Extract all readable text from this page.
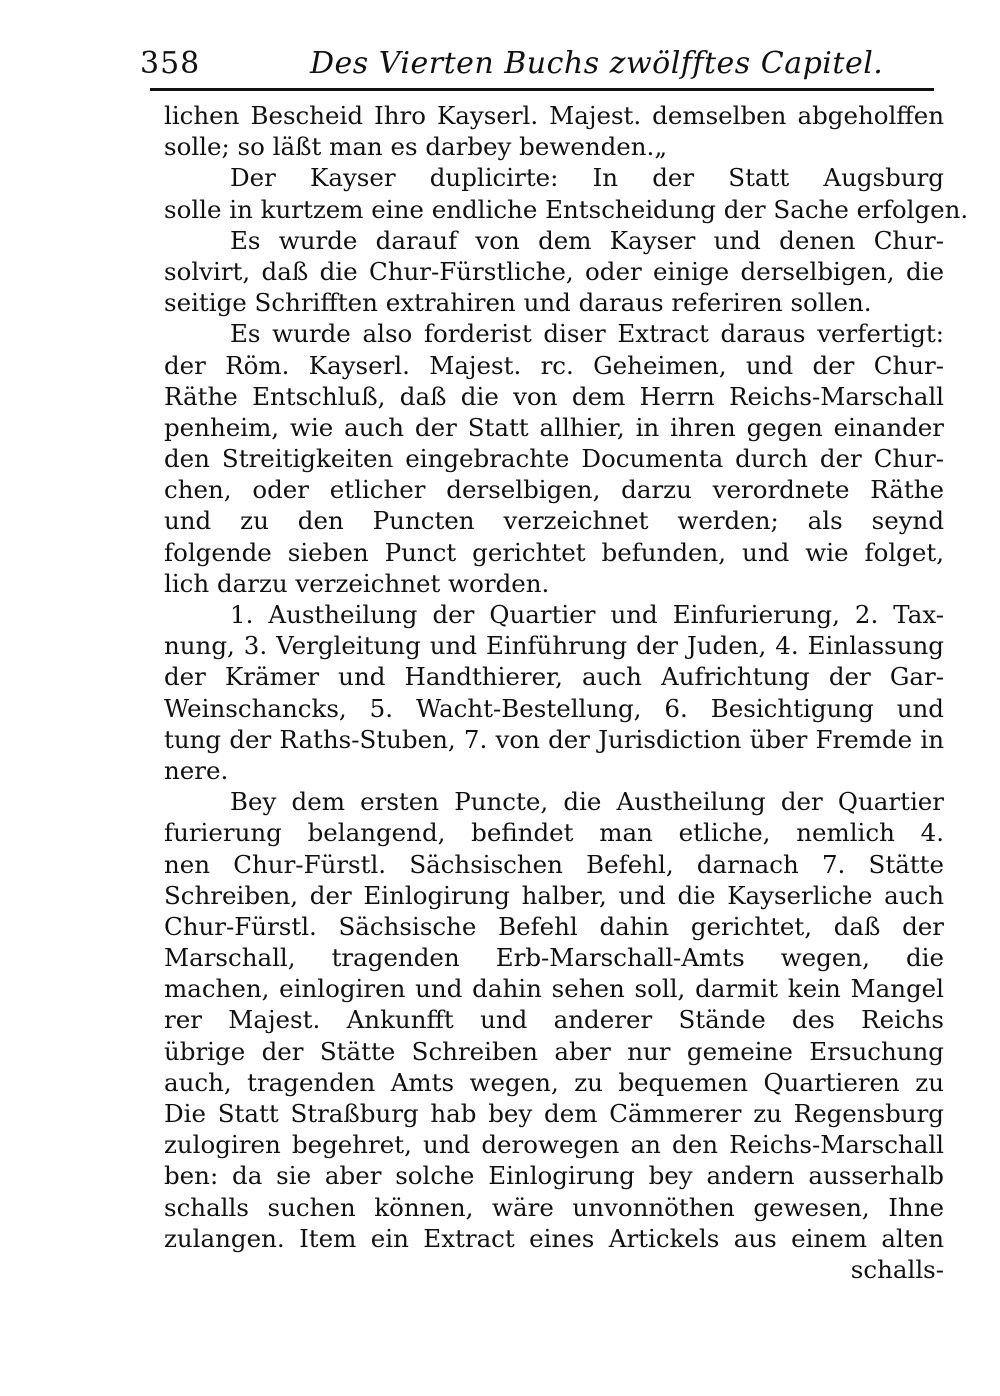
358	Des Vierten Buchs zwölfftes Capitel.
lichen Bescheid Ihro Kayserl. Majest. demselben abgeholffen
solle; so läßt man es darbey bewenden.„
Der Kayser duplicirte: In der Statt Augsburg
solle in kurtzem eine endliche Entscheidung der Sache erfolgen.
Es wurde darauf von dem Kayser und denen Chur-
solvirt, daß die Chur-Fürstliche, oder einige derselbigen, die
seitige Schrifften extrahiren und daraus referiren sollen.
Es wurde also forderist diser Extract daraus verfertigt:
der Röm. Kayserl. Majest. rc. Geheimen, und der Chur-
Räthe Entschluß, daß die von dem Herrn Reichs-Marschall
penheim, wie auch der Statt allhier, in ihren gegen einander
den Streitigkeiten eingebrachte Documenta durch der Chur-
chen, oder etlicher derselbigen, darzu verordnete Räthe
und zu den Puncten verzeichnet werden; als seynd
folgende sieben Punct gerichtet befunden, und wie folget,
lich darzu verzeichnet worden.
1. Austheilung der Quartier und Einfurierung, 2. Tax-
nung, 3. Vergleitung und Einführung der Juden, 4. Einlassung
der Krämer und Handthierer, auch Aufrichtung der Gar-
Weinschancks, 5. Wacht-Bestellung, 6. Besichtigung und
tung der Raths-Stuben, 7. von der Jurisdiction über Fremde in
nere.
Bey dem ersten Puncte, die Austheilung der Quartier
furierung belangend, befindet man etliche, nemlich 4.
nen Chur-Fürstl. Sächsischen Befehl, darnach 7. Stätte
Schreiben, der Einlogirung halber, und die Kayserliche auch
Chur-Fürstl. Sächsische Befehl dahin gerichtet, daß der
Marschall, tragenden Erb-Marschall-Amts wegen, die
machen, einlogiren und dahin sehen soll, darmit kein Mangel
rer Majest. Ankunfft und anderer Stände des Reichs
übrige der Stätte Schreiben aber nur gemeine Ersuchung
auch, tragenden Amts wegen, zu bequemen Quartieren zu
Die Statt Straßburg hab bey dem Cämmerer zu Regensburg
zulogiren begehret, und derowegen an den Reichs-Marschall
ben: da sie aber solche Einlogirung bey andern ausserhalb
schalls suchen können, wäre unvonnöthen gewesen, Ihne
zulangen. Item ein Extract eines Artickels aus einem alten
schalls-
